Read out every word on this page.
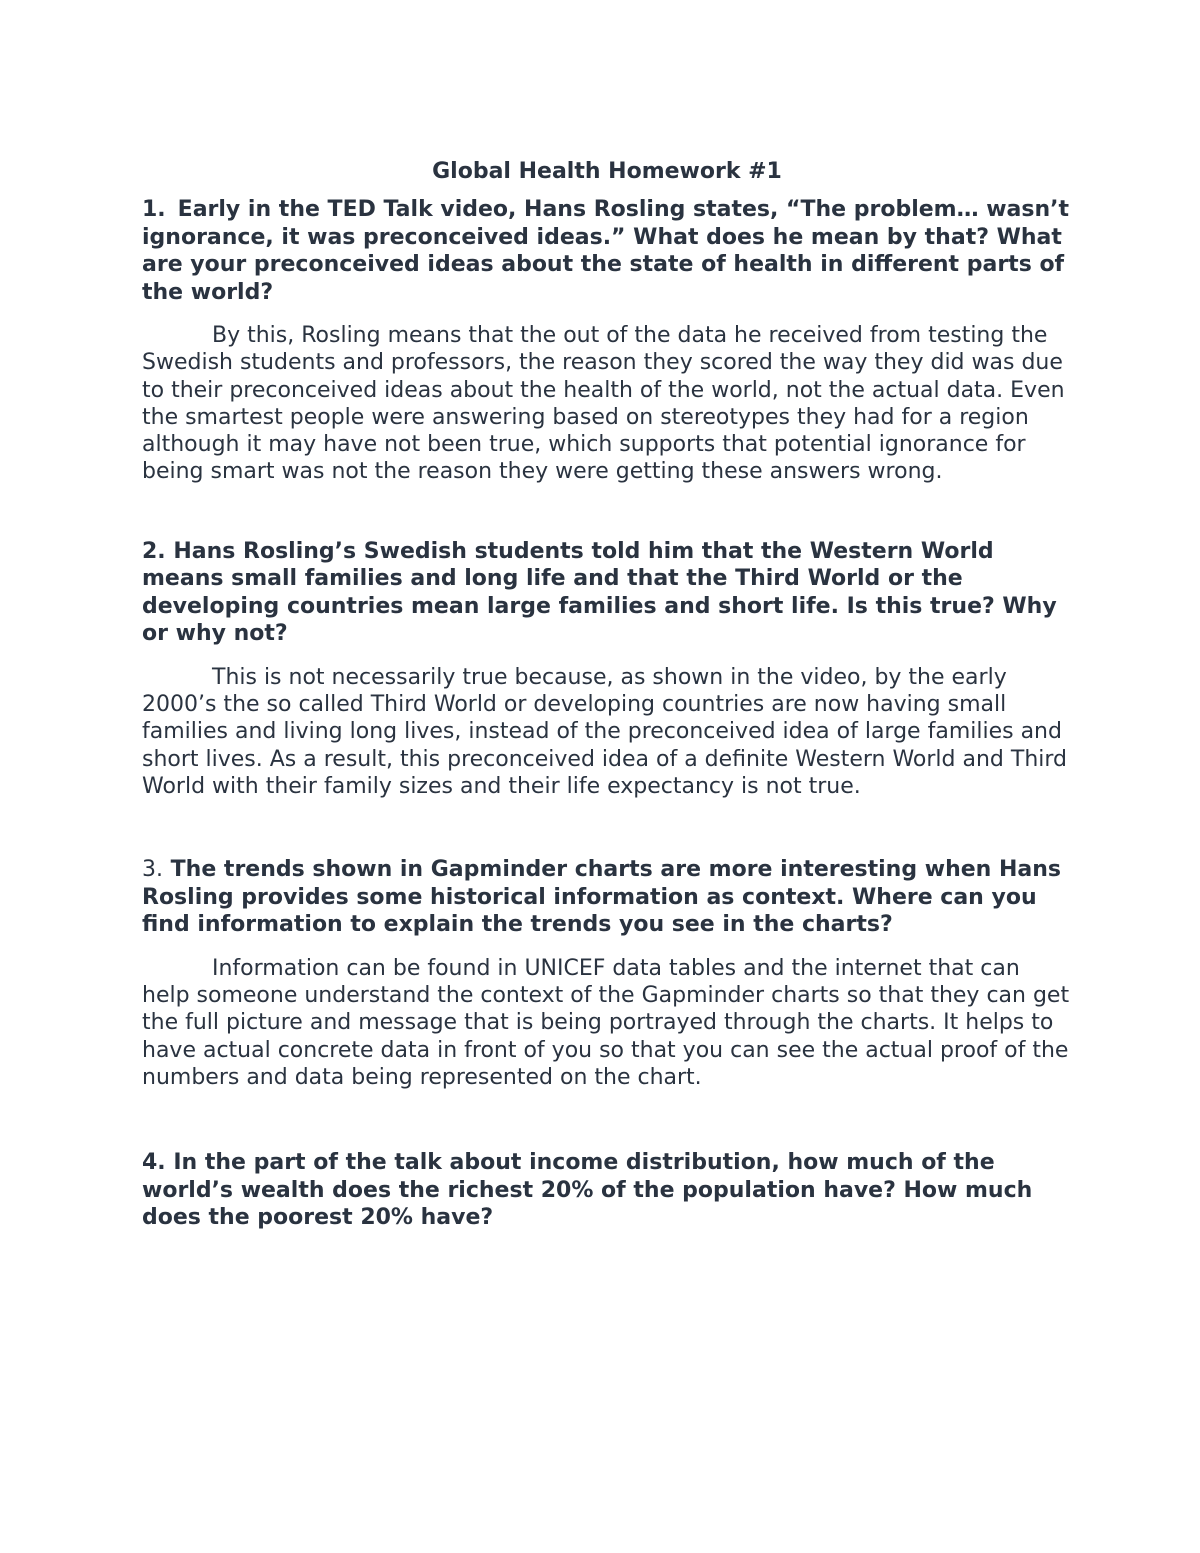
Global Health Homework #1

1. Early in the TED Talk video, Hans Rosling states, “The problem… wasn’t ignorance, it was preconceived ideas.” What does he mean by that? What are your preconceived ideas about the state of health in different parts of the world?

By this, Rosling means that the out of the data he received from testing the Swedish students and professors, the reason they scored the way they did was due to their preconceived ideas about the health of the world, not the actual data. Even the smartest people were answering based on stereotypes they had for a region although it may have not been true, which supports that potential ignorance for being smart was not the reason they were getting these answers wrong.

2. Hans Rosling’s Swedish students told him that the Western World means small families and long life and that the Third World or the developing countries mean large families and short life. Is this true? Why or why not?

This is not necessarily true because, as shown in the video, by the early 2000’s the so called Third World or developing countries are now having small families and living long lives, instead of the preconceived idea of large families and short lives. As a result, this preconceived idea of a definite Western World and Third World with their family sizes and their life expectancy is not true.

3. The trends shown in Gapminder charts are more interesting when Hans Rosling provides some historical information as context. Where can you find information to explain the trends you see in the charts?

Information can be found in UNICEF data tables and the internet that can help someone understand the context of the Gapminder charts so that they can get the full picture and message that is being portrayed through the charts. It helps to have actual concrete data in front of you so that you can see the actual proof of the numbers and data being represented on the chart.

4. In the part of the talk about income distribution, how much of the world’s wealth does the richest 20% of the population have? How much does the poorest 20% have?
